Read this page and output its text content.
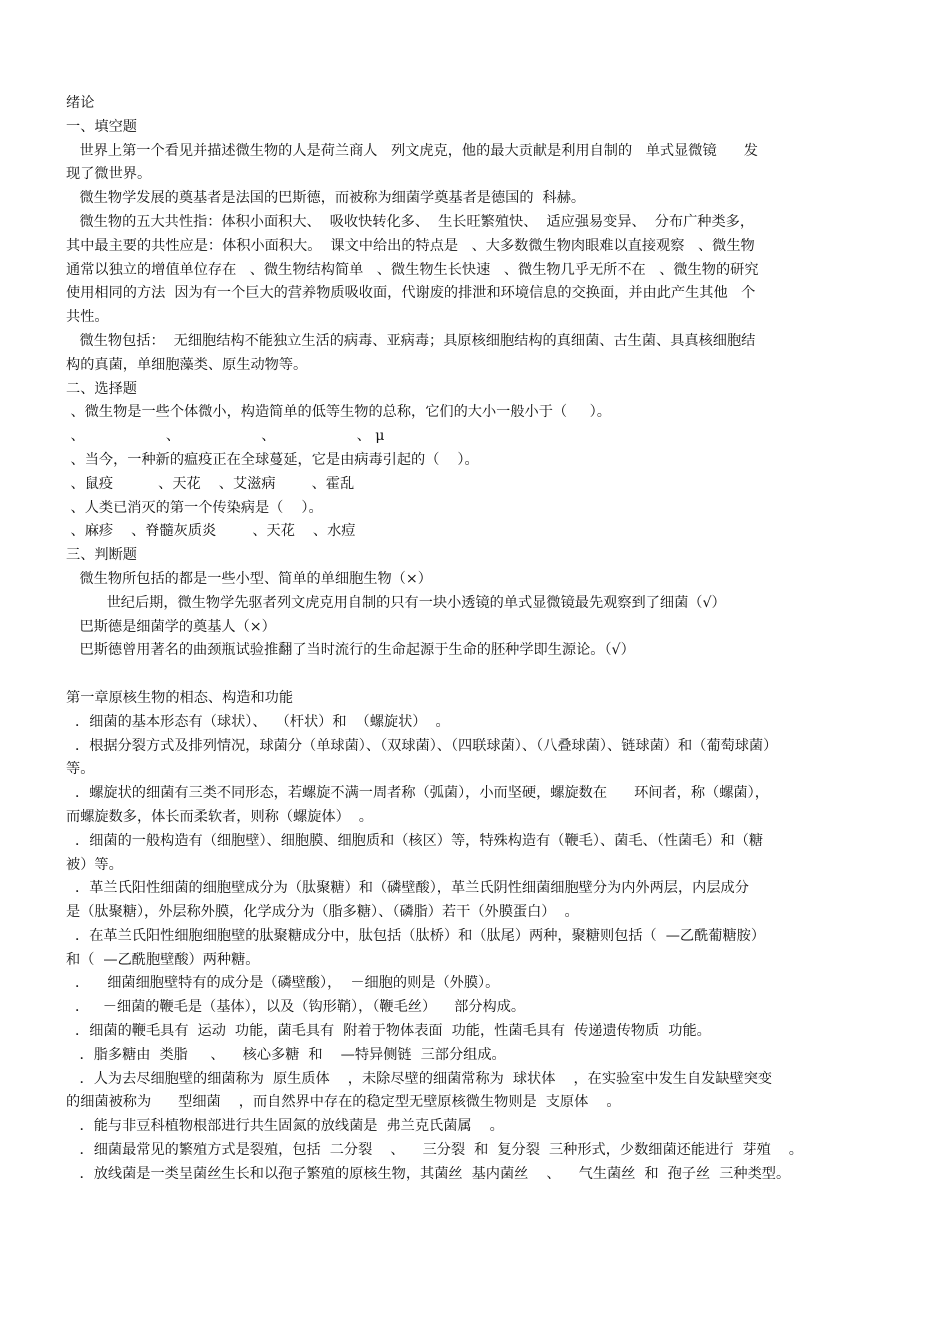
绪论
一、填空题
世界上第一个看见并描述微生物的人是荷兰商人   列文虎克，他的最大贡献是利用自制的   单式显微镜      发
现了微世界。
微生物学发展的奠基者是法国的巴斯德，而被称为细菌学奠基者是德国的  科赫。
微生物的五大共性指：体积小面积大、  吸收快转化多、  生长旺繁殖快、  适应强易变异、  分布广种类多，
其中最主要的共性应是：体积小面积大。  课文中给出的特点是   、大多数微生物肉眼难以直接观察   、微生物
通常以独立的增值单位存在   、微生物结构简单   、微生物生长快速   、微生物几乎无所不在   、微生物的研究
使用相同的方法  因为有一个巨大的营养物质吸收面，代谢废的排泄和环境信息的交换面，并由此产生其他   个
共性。
微生物包括：  无细胞结构不能独立生活的病毒、亚病毒；具原核细胞结构的真细菌、古生菌、具真核细胞结
构的真菌，单细胞藻类、原生动物等。
二、选择题
、微生物是一些个体微小，构造简单的低等生物的总称，它们的大小一般小于（     ）。
、                  、                  、                  、 μ
、当今，一种新的瘟疫正在全球蔓延，它是由病毒引起的（    ）。
、鼠疫          、天花    、艾滋病        、霍乱
、人类已消灭的第一个传染病是（    ）。
、麻疹    、脊髓灰质炎        、天花    、水痘
三、判断题
微生物所包括的都是一些小型、简单的单细胞生物（×）
世纪后期，微生物学先驱者列文虎克用自制的只有一块小透镜的单式显微镜最先观察到了细菌（√）
巴斯德是细菌学的奠基人（×）
巴斯德曾用著名的曲颈瓶试验推翻了当时流行的生命起源于生命的胚种学即生源论。（√）
第一章原核生物的相态、构造和功能
．细菌的基本形态有（球状）、  （杆状）和  （螺旋状）  。
．根据分裂方式及排列情况，球菌分（单球菌）、（双球菌）、（四联球菌）、（八叠球菌）、链球菌）和（葡萄球菌）
等。
．螺旋状的细菌有三类不同形态，若螺旋不满一周者称（弧菌），小而坚硬，螺旋数在      环间者，称（螺菌），
而螺旋数多，体长而柔软者，则称（螺旋体）  。
．细菌的一般构造有（细胞壁）、细胞膜、细胞质和（核区）等，特殊构造有（鞭毛）、菌毛、（性菌毛）和（糖
被）等。
．革兰氏阳性细菌的细胞壁成分为（肽聚糖）和（磷壁酸），革兰氏阴性细菌细胞壁分为内外两层，内层成分
是（肽聚糖），外层称外膜，化学成分为（脂多糖）、（磷脂）若干（外膜蛋白）  。
．在革兰氏阳性细胞细胞壁的肽聚糖成分中，肽包括（肽桥）和（肽尾）两种，聚糖则包括（  —乙酰葡糖胺）
和（  —乙酰胞壁酸）两种糖。
．    细菌细胞壁特有的成分是（磷壁酸），  －细胞的则是（外膜）。
．   －细菌的鞭毛是（基体），以及（钩形鞘），（鞭毛丝）    部分构成。
．细菌的鞭毛具有  运动  功能，菌毛具有  附着于物体表面  功能，性菌毛具有  传递遗传物质  功能。
．脂多糖由  类脂     、    核心多糖  和    —特异侧链  三部分组成。
．人为去尽细胞壁的细菌称为  原生质体    ，未除尽壁的细菌常称为  球状体    ，在实验室中发生自发缺壁突变
的细菌被称为      型细菌    ，而自然界中存在的稳定型无壁原核微生物则是  支原体    。
．能与非豆科植物根部进行共生固氮的放线菌是  弗兰克氏菌属    。
．细菌最常见的繁殖方式是裂殖，包括  二分裂    、    三分裂  和  复分裂  三种形式，少数细菌还能进行  芽殖    。
．放线菌是一类呈菌丝生长和以孢子繁殖的原核生物，其菌丝  基内菌丝    、    气生菌丝  和  孢子丝  三种类型。
